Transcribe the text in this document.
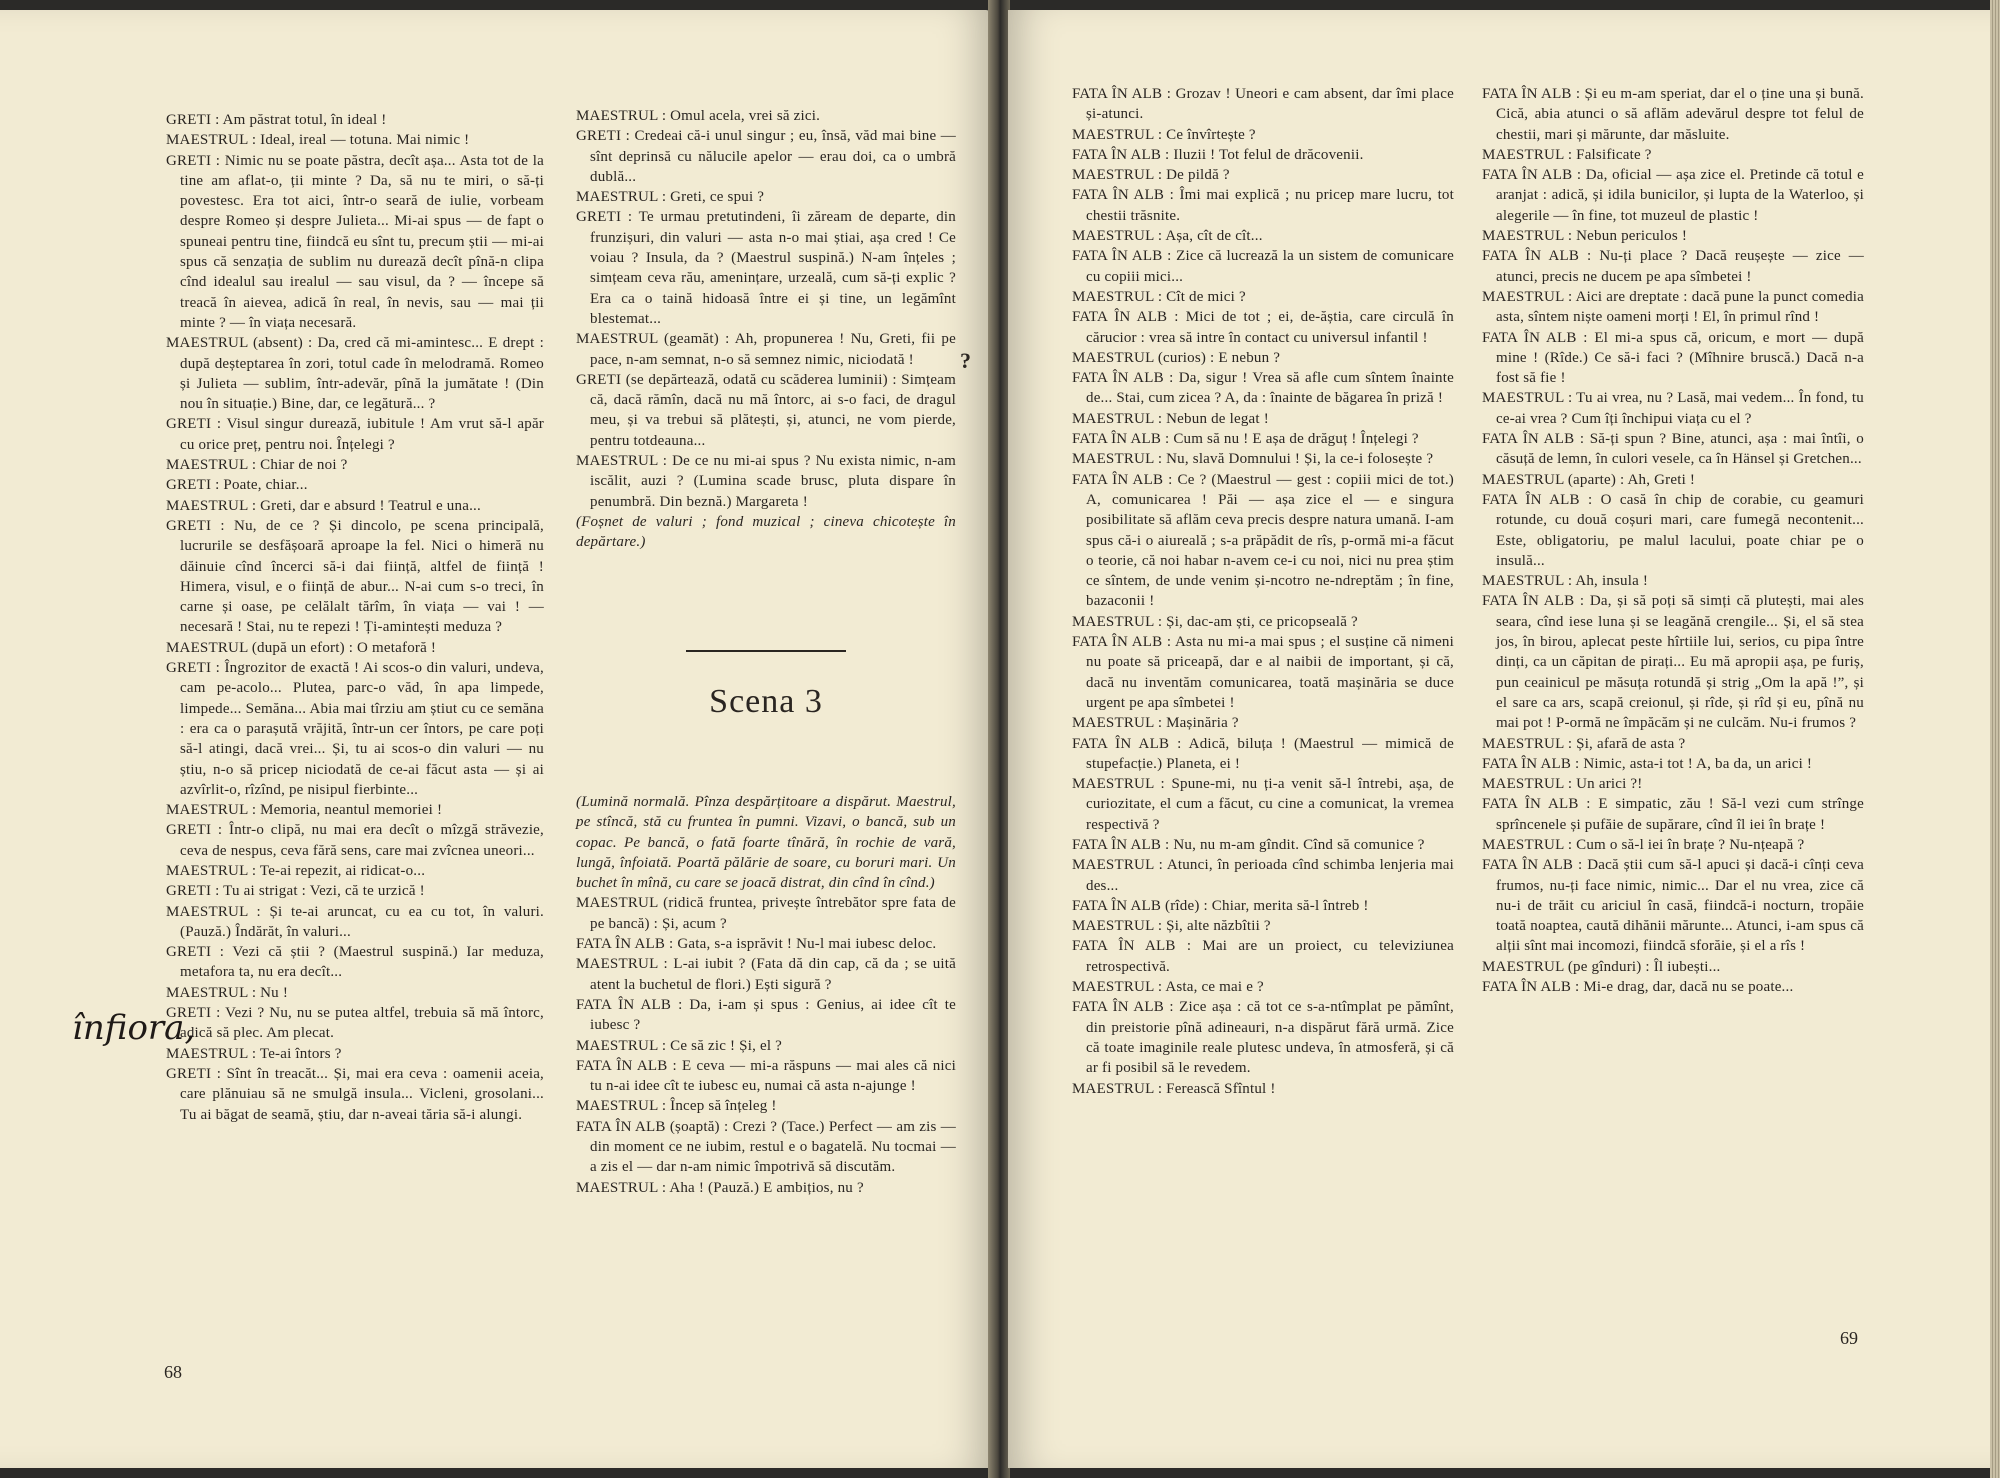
GRETI : Am păstrat totul, în ideal !

MAESTRUL : Ideal, ireal — totuna. Mai nimic !

GRETI : Nimic nu se poate păstra, decît așa... Asta tot de la tine am aflat-o, ții minte ? Da, să nu te miri, o să-ți povestesc. Era tot aici, într-o seară de iulie, vorbeam despre Romeo și despre Julieta... Mi-ai spus — de fapt o spuneai pentru tine, fiindcă eu sînt tu, precum știi — mi-ai spus că senzația de sublim nu durează decît pînă-n clipa cînd idealul sau irealul — sau visul, da ? — începe să treacă în aievea, adică în real, în nevis, sau — mai ții minte ? — în viața necesară.

MAESTRUL (absent) : Da, cred că mi-amintesc... E drept : după deșteptarea în zori, totul cade în melodramă. Romeo și Julieta — sublim, într-adevăr, pînă la jumătate ! (Din nou în situație.) Bine, dar, ce legătură... ?

GRETI : Visul singur durează, iubitule ! Am vrut să-l apăr cu orice preț, pentru noi. Înțelegi ?

MAESTRUL : Chiar de noi ?

GRETI : Poate, chiar...

MAESTRUL : Greti, dar e absurd ! Teatrul e una...

GRETI : Nu, de ce ? Și dincolo, pe scena principală, lucrurile se desfășoară aproape la fel. Nici o himeră nu dăinuie cînd încerci să-i dai ființă, altfel de ființă ! Himera, visul, e o ființă de abur... N-ai cum s-o treci, în carne și oase, pe celălalt tărîm, în viața — vai ! — necesară ! Stai, nu te repezi ! Ți-amintești meduza ?

MAESTRUL (după un efort) : O metaforă !

GRETI : Îngrozitor de exactă ! Ai scos-o din valuri, undeva, cam pe-acolo... Plutea, parc-o văd, în apa limpede, limpede... Semăna... Abia mai tîrziu am știut cu ce semăna : era ca o parașută vrăjită, într-un cer întors, pe care poți să-l atingi, dacă vrei... Și, tu ai scos-o din valuri — nu știu, n-o să pricep niciodată de ce-ai făcut asta — și ai azvîrlit-o, rîzînd, pe nisipul fierbinte...

MAESTRUL : Memoria, neantul memoriei !

GRETI : Într-o clipă, nu mai era decît o mîzgă străvezie, ceva de nespus, ceva fără sens, care mai zvîcnea uneori...

MAESTRUL : Te-ai repezit, ai ridicat-o...

GRETI : Tu ai strigat : Vezi, că te urzică !

MAESTRUL : Și te-ai aruncat, cu ea cu tot, în valuri. (Pauză.) Îndărăt, în valuri...

GRETI : Vezi că știi ? (Maestrul suspină.) Iar meduza, metafora ta, nu era decît...

MAESTRUL : Nu !

GRETI : Vezi ? Nu, nu se putea altfel, trebuia să mă întorc, adică să plec. Am plecat.

MAESTRUL : Te-ai întors ?

GRETI : Sînt în treacăt... Și, mai era ceva : oamenii aceia, care plănuiau să ne smulgă insula... Vicleni, grosolani... Tu ai băgat de seamă, știu, dar n-aveai tăria să-i alungi.

MAESTRUL : Omul acela, vrei să zici.

GRETI : Credeai că-i unul singur ; eu, însă, văd mai bine — sînt deprinsă cu nălucile apelor — erau doi, ca o umbră dublă...

MAESTRUL : Greti, ce spui ?

GRETI : Te urmau pretutindeni, îi zăream de departe, din frunzișuri, din valuri — asta n-o mai știai, așa cred ! Ce voiau ? Insula, da ? (Maestrul suspină.) N-am înțeles ; simțeam ceva rău, amenințare, urzeală, cum să-ți explic ? Era ca o taină hidoasă între ei și tine, un legămînt blestemat...

MAESTRUL (geamăt) : Ah, propunerea ! Nu, Greti, fii pe pace, n-am semnat, n-o să semnez nimic, niciodată !

GRETI (se depărtează, odată cu scăderea luminii) : Simțeam că, dacă rămîn, dacă nu mă întorc, ai s-o faci, de dragul meu, și va trebui să plătești, și, atunci, ne vom pierde, pentru totdeauna...

MAESTRUL : De ce nu mi-ai spus ? Nu exista nimic, n-am iscălit, auzi ? (Lumina scade brusc, pluta dispare în penumbră. Din beznă.) Margareta !

(Foșnet de valuri ; fond muzical ; cineva chicotește în depărtare.)

Scena 3

(Lumină normală. Pînza despărțitoare a dispărut. Maestrul, pe stîncă, stă cu fruntea în pumni. Vizavi, o bancă, sub un copac. Pe bancă, o fată foarte tînără, în rochie de vară, lungă, înfoiată. Poartă pălărie de soare, cu boruri mari. Un buchet în mînă, cu care se joacă distrat, din cînd în cînd.)

MAESTRUL (ridică fruntea, privește întrebător spre fata de pe bancă) : Și, acum ?

FATA ÎN ALB : Gata, s-a isprăvit ! Nu-l mai iubesc deloc.

MAESTRUL : L-ai iubit ? (Fata dă din cap, că da ; se uită atent la buchetul de flori.) Ești sigură ?

FATA ÎN ALB : Da, i-am și spus : Genius, ai idee cît te iubesc ?

MAESTRUL : Ce să zic ! Și, el ?

FATA ÎN ALB : E ceva — mi-a răspuns — mai ales că nici tu n-ai idee cît te iubesc eu, numai că asta n-ajunge !

MAESTRUL : Încep să înțeleg !

FATA ÎN ALB (șoaptă) : Crezi ? (Tace.) Perfect — am zis — din moment ce ne iubim, restul e o bagatelă. Nu tocmai — a zis el — dar n-am nimic împotrivă să discutăm.

MAESTRUL : Aha ! (Pauză.) E ambițios, nu ?

înfiora,
?
68

FATA ÎN ALB : Grozav ! Uneori e cam absent, dar îmi place și-atunci.

MAESTRUL : Ce învîrtește ?

FATA ÎN ALB : Iluzii ! Tot felul de drăcovenii.

MAESTRUL : De pildă ?

FATA ÎN ALB : Îmi mai explică ; nu pricep mare lucru, tot chestii trăsnite.

MAESTRUL : Așa, cît de cît...

FATA ÎN ALB : Zice că lucrează la un sistem de comunicare cu copiii mici...

MAESTRUL : Cît de mici ?

FATA ÎN ALB : Mici de tot ; ei, de-ăștia, care circulă în cărucior : vrea să intre în contact cu universul infantil !

MAESTRUL (curios) : E nebun ?

FATA ÎN ALB : Da, sigur ! Vrea să afle cum sîntem înainte de... Stai, cum zicea ? A, da : înainte de băgarea în priză !

MAESTRUL : Nebun de legat !

FATA ÎN ALB : Cum să nu ! E așa de drăguț ! Înțelegi ?

MAESTRUL : Nu, slavă Domnului ! Și, la ce-i folosește ?

FATA ÎN ALB : Ce ? (Maestrul — gest : copiii mici de tot.) A, comunicarea ! Păi — așa zice el — e singura posibilitate să aflăm ceva precis despre natura umană. I-am spus că-i o aiureală ; s-a prăpădit de rîs, p-ormă mi-a făcut o teorie, că noi habar n-avem ce-i cu noi, nici nu prea știm ce sîntem, de unde venim și-ncotro ne-ndreptăm ; în fine, bazaconii !

MAESTRUL : Și, dac-am ști, ce pricopseală ?

FATA ÎN ALB : Asta nu mi-a mai spus ; el susține că nimeni nu poate să priceapă, dar e al naibii de important, și că, dacă nu inventăm comunicarea, toată mașinăria se duce urgent pe apa sîmbetei !

MAESTRUL : Mașinăria ?

FATA ÎN ALB : Adică, biluța ! (Maestrul — mimică de stupefacție.) Planeta, ei !

MAESTRUL : Spune-mi, nu ți-a venit să-l întrebi, așa, de curiozitate, el cum a făcut, cu cine a comunicat, la vremea respectivă ?

FATA ÎN ALB : Nu, nu m-am gîndit. Cînd să comunice ?

MAESTRUL : Atunci, în perioada cînd schimba lenjeria mai des...

FATA ÎN ALB (rîde) : Chiar, merita să-l întreb !

MAESTRUL : Și, alte năzbîtii ?

FATA ÎN ALB : Mai are un proiect, cu televiziunea retrospectivă.

MAESTRUL : Asta, ce mai e ?

FATA ÎN ALB : Zice așa : că tot ce s-a-ntîmplat pe pămînt, din preistorie pînă adineauri, n-a dispărut fără urmă. Zice că toate imaginile reale plutesc undeva, în atmosferă, și că ar fi posibil să le revedem.

MAESTRUL : Ferească Sfîntul !

FATA ÎN ALB : Și eu m-am speriat, dar el o ține una și bună. Cică, abia atunci o să aflăm adevărul despre tot felul de chestii, mari și mărunte, dar măsluite.

MAESTRUL : Falsificate ?

FATA ÎN ALB : Da, oficial — așa zice el. Pretinde că totul e aranjat : adică, și idila bunicilor, și lupta de la Waterloo, și alegerile — în fine, tot muzeul de plastic !

MAESTRUL : Nebun periculos !

FATA ÎN ALB : Nu-ți place ? Dacă reușește — zice — atunci, precis ne ducem pe apa sîmbetei !

MAESTRUL : Aici are dreptate : dacă pune la punct comedia asta, sîntem niște oameni morți ! El, în primul rînd !

FATA ÎN ALB : El mi-a spus că, oricum, e mort — după mine ! (Rîde.) Ce să-i faci ? (Mîhnire bruscă.) Dacă n-a fost să fie !

MAESTRUL : Tu ai vrea, nu ? Lasă, mai vedem... În fond, tu ce-ai vrea ? Cum îți închipui viața cu el ?

FATA ÎN ALB : Să-ți spun ? Bine, atunci, așa : mai întîi, o căsuță de lemn, în culori vesele, ca în Hänsel și Gretchen...

MAESTRUL (aparte) : Ah, Greti !

FATA ÎN ALB : O casă în chip de corabie, cu geamuri rotunde, cu două coșuri mari, care fumegă necontenit... Este, obligatoriu, pe malul lacului, poate chiar pe o insulă...

MAESTRUL : Ah, insula !

FATA ÎN ALB : Da, și să poți să simți că plutești, mai ales seara, cînd iese luna și se leagănă crengile... Și, el să stea jos, în birou, aplecat peste hîrtiile lui, serios, cu pipa între dinți, ca un căpitan de pirați... Eu mă apropii așa, pe furiș, pun ceainicul pe măsuța rotundă și strig „Om la apă !”, și el sare ca ars, scapă creionul, și rîde, și rîd și eu, pînă nu mai pot ! P-ormă ne împăcăm și ne culcăm. Nu-i frumos ?

MAESTRUL : Și, afară de asta ?

FATA ÎN ALB : Nimic, asta-i tot ! A, ba da, un arici !

MAESTRUL : Un arici ?!

FATA ÎN ALB : E simpatic, zău ! Să-l vezi cum strînge sprîncenele și pufăie de supărare, cînd îl iei în brațe !

MAESTRUL : Cum o să-l iei în brațe ? Nu-nțeapă ?

FATA ÎN ALB : Dacă știi cum să-l apuci și dacă-i cînți ceva frumos, nu-ți face nimic, nimic... Dar el nu vrea, zice că nu-i de trăit cu ariciul în casă, fiindcă-i nocturn, tropăie toată noaptea, caută dihănii mărunte... Atunci, i-am spus că alții sînt mai incomozi, fiindcă sforăie, și el a rîs !

MAESTRUL (pe gînduri) : Îl iubești...

FATA ÎN ALB : Mi-e drag, dar, dacă nu se poate...

69
